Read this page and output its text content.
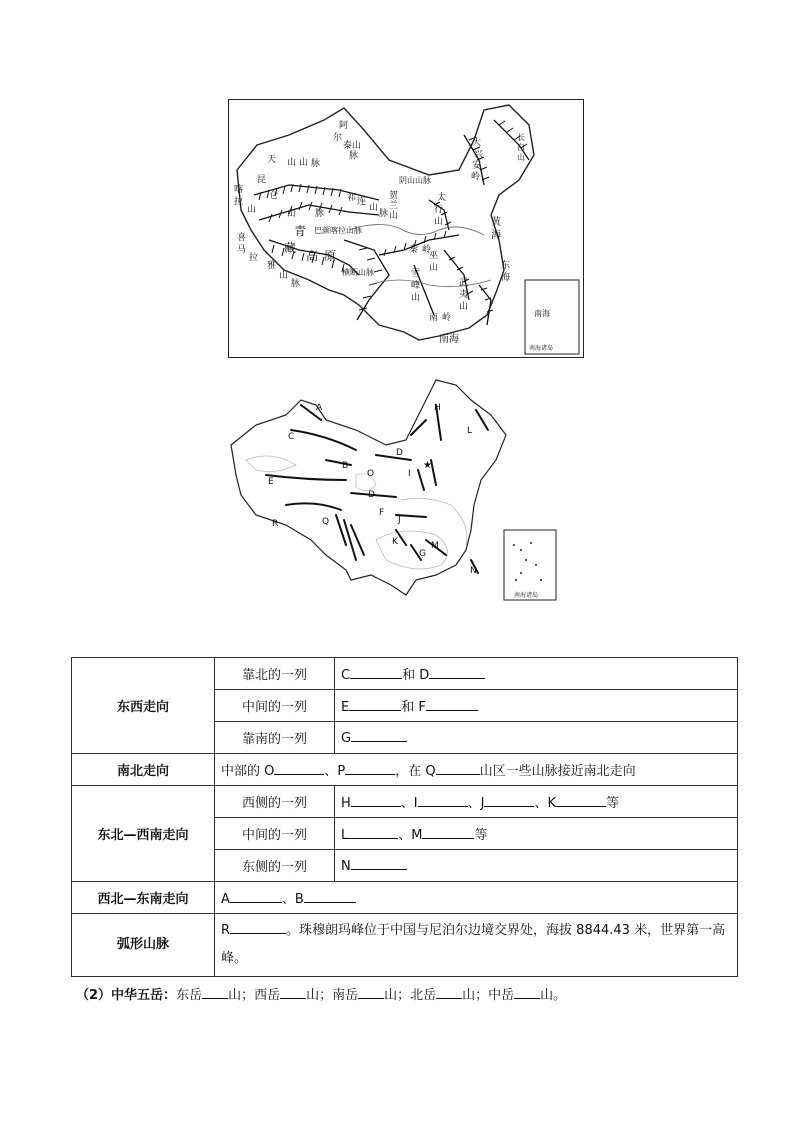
南海
南海诸岛
天 山 山 脉
阿
尔
泰 山
脉
喀
拉
昆
仑
山
喜
马
拉
雅
山
脉
山 脉
祁 连
山
脉
巴颜喀拉山脉
青
藏
高 原
横断山脉
阴山山脉
贺
兰
山
秦 岭
太
行
山
大
兴
安
岭
长
白
山
黄
海
东
海
巫
山
雪
峰
山
武
夷
山
南 岭
南海
南海诸岛
A
B
C
D
D
E
F
G
H
I
J
K
L
M
N
O
Q
R
★
东西走向	靠北的一列	C 和 D
	中间的一列	E 和 F
	靠南的一列	G
南北走向	中部的 O 、P ，在 Q 山区一些山脉接近南北走向	
东北—西南走向	西侧的一列	H 、I 、J 、K 等
	中间的一列	L 、M 等
	东侧的一列	N
西北—东南走向	A 、B	
弧形山脉	R 。珠穆朗玛峰位于中国与尼泊尔边境交界处，海拔 8844.43 米，世界第一高峰。	
（2）中华五岳：东岳 山；西岳 山；南岳 山；北岳 山；中岳 山。
